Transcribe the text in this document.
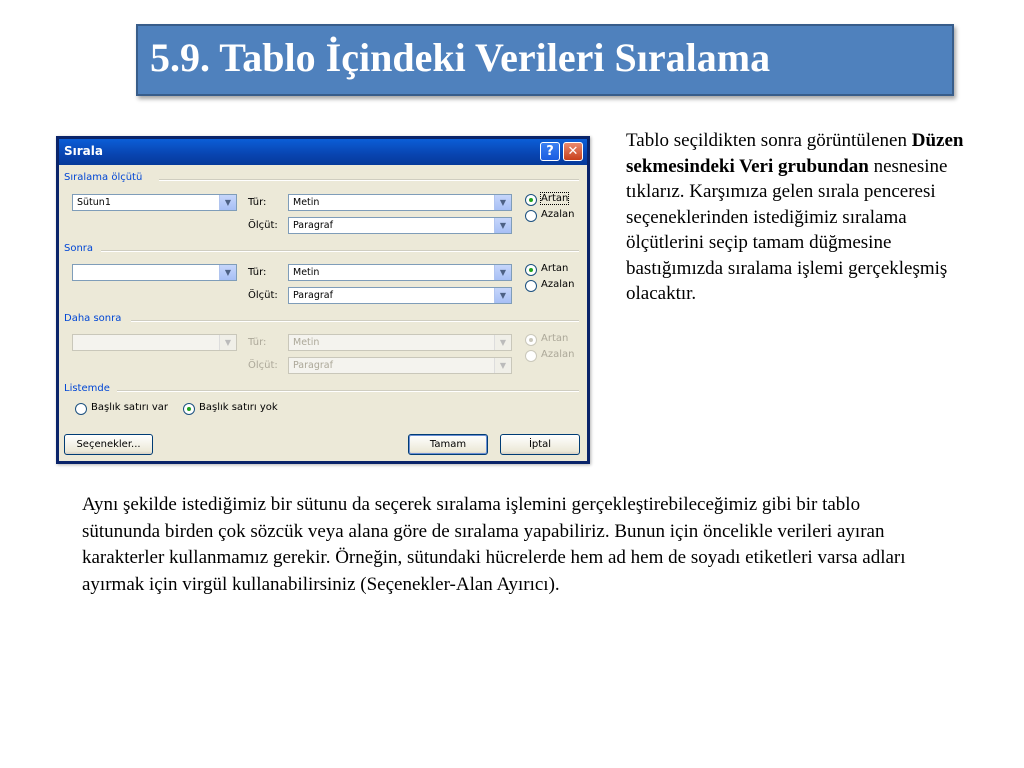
5.9. Tablo İçindeki Verileri Sıralama
Sırala	?	✕
Sıralama ölçütü
Sütun1	▼	Tür:	Metin	▼
Ölçüt: Paragraf	▼
Artan
Azalan
Sonra
▼	Tür:	Metin	▼
Ölçüt: Paragraf	▼
Artan
Azalan
Daha sonra
▼	Tür:	Metin	▼
Ölçüt: Paragraf	▼
Artan
Azalan
Listemde
Başlık satırı var	Başlık satırı yok
Seçenekler...	Tamam	İptal
Tablo seçildikten sonra görüntülenen Düzen sekmesindeki Veri grubundan nesnesine tıklarız. Karşımıza gelen sırala penceresi seçeneklerinden istediğimiz sıralama ölçütlerini seçip tamam düğmesine bastığımızda sıralama işlemi gerçekleşmiş olacaktır.
Aynı şekilde istediğimiz bir sütunu da seçerek sıralama işlemini gerçekleştirebileceğimiz gibi bir tablo sütununda birden çok sözcük veya alana göre de sıralama yapabiliriz. Bunun için öncelikle verileri ayıran karakterler kullanmamız gerekir. Örneğin, sütundaki hücrelerde hem ad hem de soyadı etiketleri varsa adları ayırmak için virgül kullanabilirsiniz (Seçenekler-Alan Ayırıcı).
